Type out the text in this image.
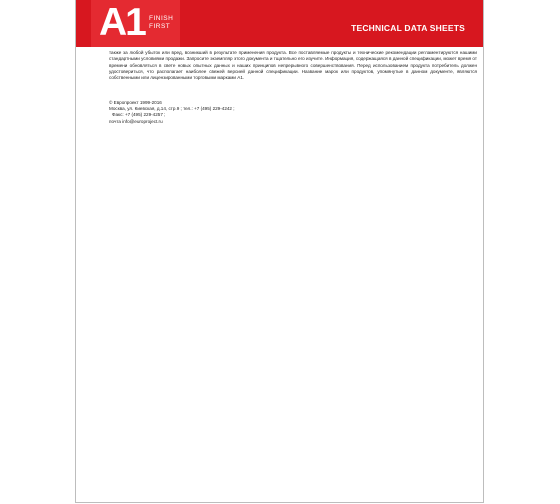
A1 FINISH
FIRST	TECHNICAL DATA SHEETS

также за любой убыток или вред, возникший в результате применения продукта. Все поставляемые продукты и технические рекомендации регламентируются нашими стандартными условиями продажи. Запросите экземпляр этого документа и тщательно его изучите. Информация, содержащаяся в данной спецификации, может время от времени обновляться в свете новых опытных данных и наших принципов непрерывного совершенствования. Перед использованием продукта потребитель должен удостовериться, что располагает наиболее свежей версией данной спецификации. Название марок или продуктов, упомянутые в данном документе, являются собственными или лицензированными торговыми марками A1.

© Европроект 1999-2016
Москва, ул. Киевская, д.14, стр.9 ; тел.: +7 (495) 229-4242 ;
Факс: +7 (495) 229-4257 ;
почта info@europroject.ru
